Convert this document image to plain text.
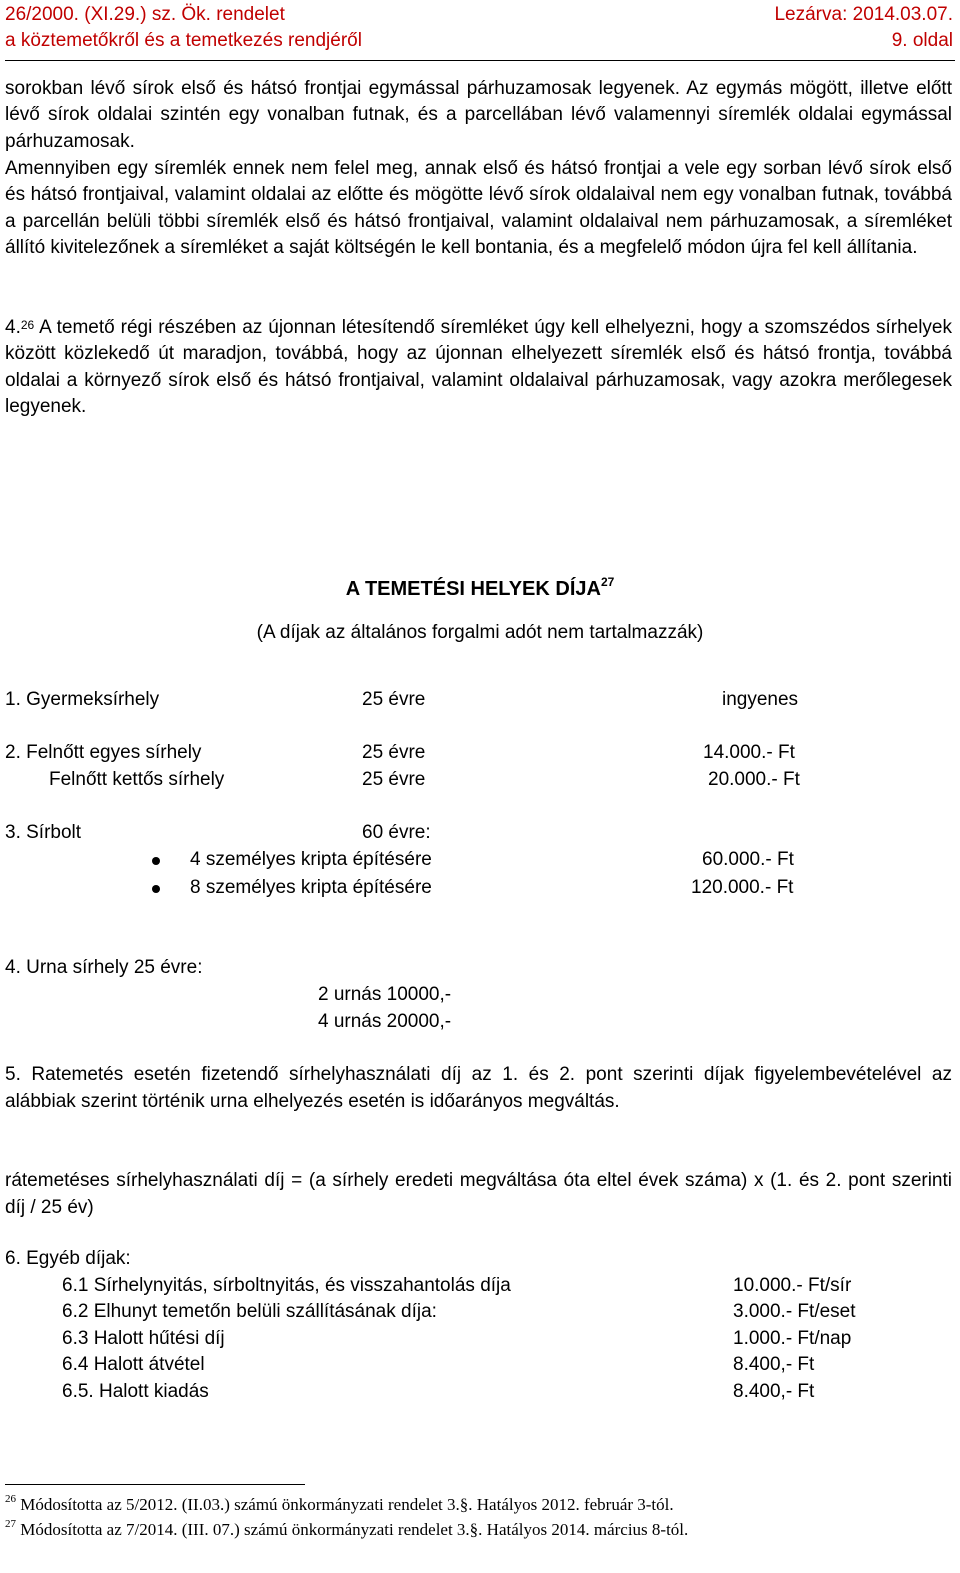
26/2000. (XI.29.) sz. Ök. rendelet	Lezárva: 2014.03.07.
a köztemetőkről és a temetkezés rendjéről	9. oldal
sorokban lévő sírok első és hátsó frontjai egymással párhuzamosak legyenek. Az egymás mögött, illetve előtt lévő sírok oldalai szintén egy vonalban futnak, és a parcellában lévő valamennyi síremlék oldalai egymással párhuzamosak.
Amennyiben egy síremlék ennek nem felel meg, annak első és hátsó frontjai a vele egy sorban lévő sírok első és hátsó frontjaival, valamint oldalai az előtte és mögötte lévő sírok oldalaival nem egy vonalban futnak, továbbá a parcellán belüli többi síremlék első és hátsó frontjaival, valamint oldalaival nem párhuzamosak, a síremléket állító kivitelezőnek a síremléket a saját költségén le kell bontania, és a megfelelő módon újra fel kell állítania.
4.26 A temető régi részében az újonnan létesítendő síremléket úgy kell elhelyezni, hogy a szomszédos sírhelyek között közlekedő út maradjon, továbbá, hogy az újonnan elhelyezett síremlék első és hátsó frontja, továbbá oldalai a környező sírok első és hátsó frontjaival, valamint oldalaival párhuzamosak, vagy azokra merőlegesek legyenek.
A TEMETÉSI HELYEK DÍJA$^{27}$
(A díjak az általános forgalmi adót nem tartalmazzák)
1. Gyermeksírhely	25 évre	ingyenes
2. Felnőtt egyes sírhely	25 évre	14.000.- Ft
Felnőtt kettős sírhely	25 évre	20.000.- Ft
3. Sírbolt	60 évre:
4 személyes kripta építésére	60.000.- Ft
8 személyes kripta építésére	120.000.- Ft
4. Urna sírhely 25 évre:
2 urnás 10000,-
4 urnás 20000,-
5. Ratemetés esetén fizetendő sírhelyhasználati díj az 1. és 2. pont szerinti díjak figyelembevételével az alábbiak szerint történik urna elhelyezés esetén is időarányos megváltás.
rátemetéses sírhelyhasználati díj = (a sírhely eredeti megváltása óta eltel évek száma) x (1. és 2. pont szerinti díj / 25 év)
6. Egyéb díjak:
6.1 Sírhelynyitás, sírboltnyitás, és visszahantolás díja	10.000.- Ft/sír
6.2 Elhunyt temetőn belüli szállításának díja:	3.000.- Ft/eset
6.3 Halott hűtési díj	1.000.- Ft/nap
6.4 Halott átvétel	8.400,- Ft
6.5. Halott kiadás	8.400,- Ft
$^{26}$ Módosította az 5/2012. (II.03.) számú önkormányzati rendelet 3.§. Hatályos 2012. február 3-tól.
$^{27}$ Módosította az 7/2014. (III. 07.) számú önkormányzati rendelet 3.§. Hatályos 2014. március 8-tól.
